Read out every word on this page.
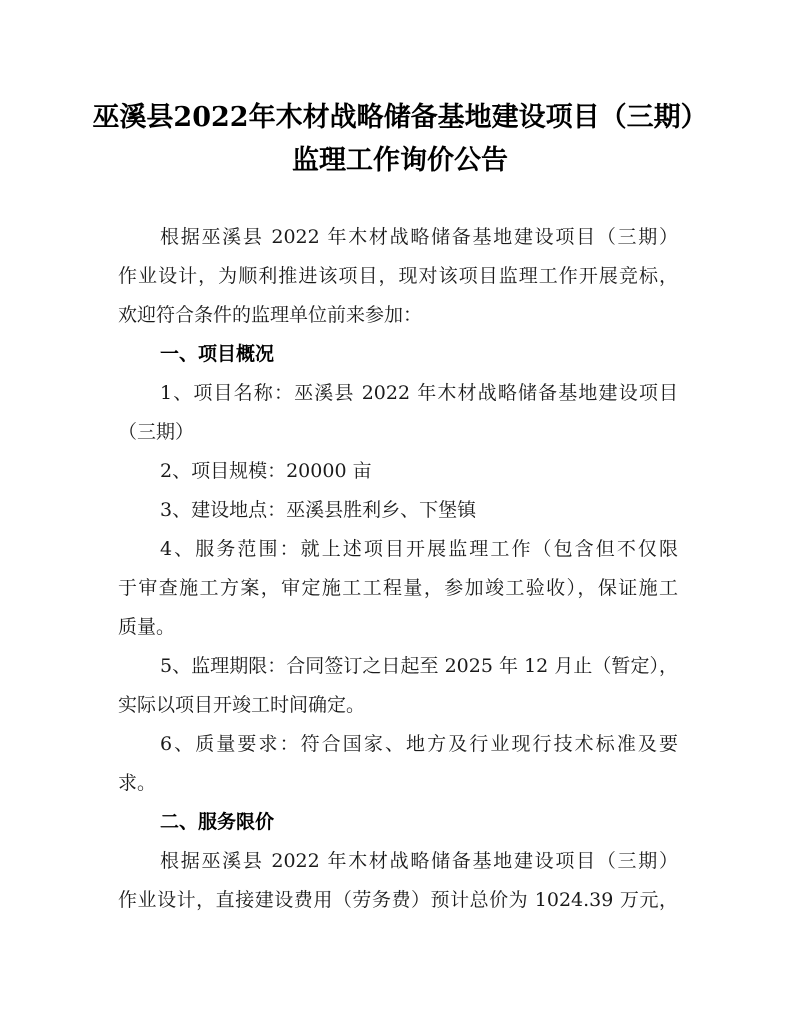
巫溪县2022年木材战略储备基地建设项目（三期）
监理工作询价公告
根据巫溪县 2022 年木材战略储备基地建设项目（三期）
作业设计，为顺利推进该项目，现对该项目监理工作开展竞标，
欢迎符合条件的监理单位前来参加：
一、项目概况
1、项目名称：巫溪县 2022 年木材战略储备基地建设项目
（三期）
2、项目规模：20000 亩
3、建设地点：巫溪县胜利乡、下堡镇
4、服务范围：就上述项目开展监理工作（包含但不仅限
于审查施工方案，审定施工工程量，参加竣工验收），保证施工
质量。
5、监理期限：合同签订之日起至 2025 年 12 月止（暂定），
实际以项目开竣工时间确定。
6、质量要求：符合国家、地方及行业现行技术标准及要
求。
二、服务限价
根据巫溪县 2022 年木材战略储备基地建设项目（三期）
作业设计，直接建设费用（劳务费）预计总价为 1024.39 万元，
